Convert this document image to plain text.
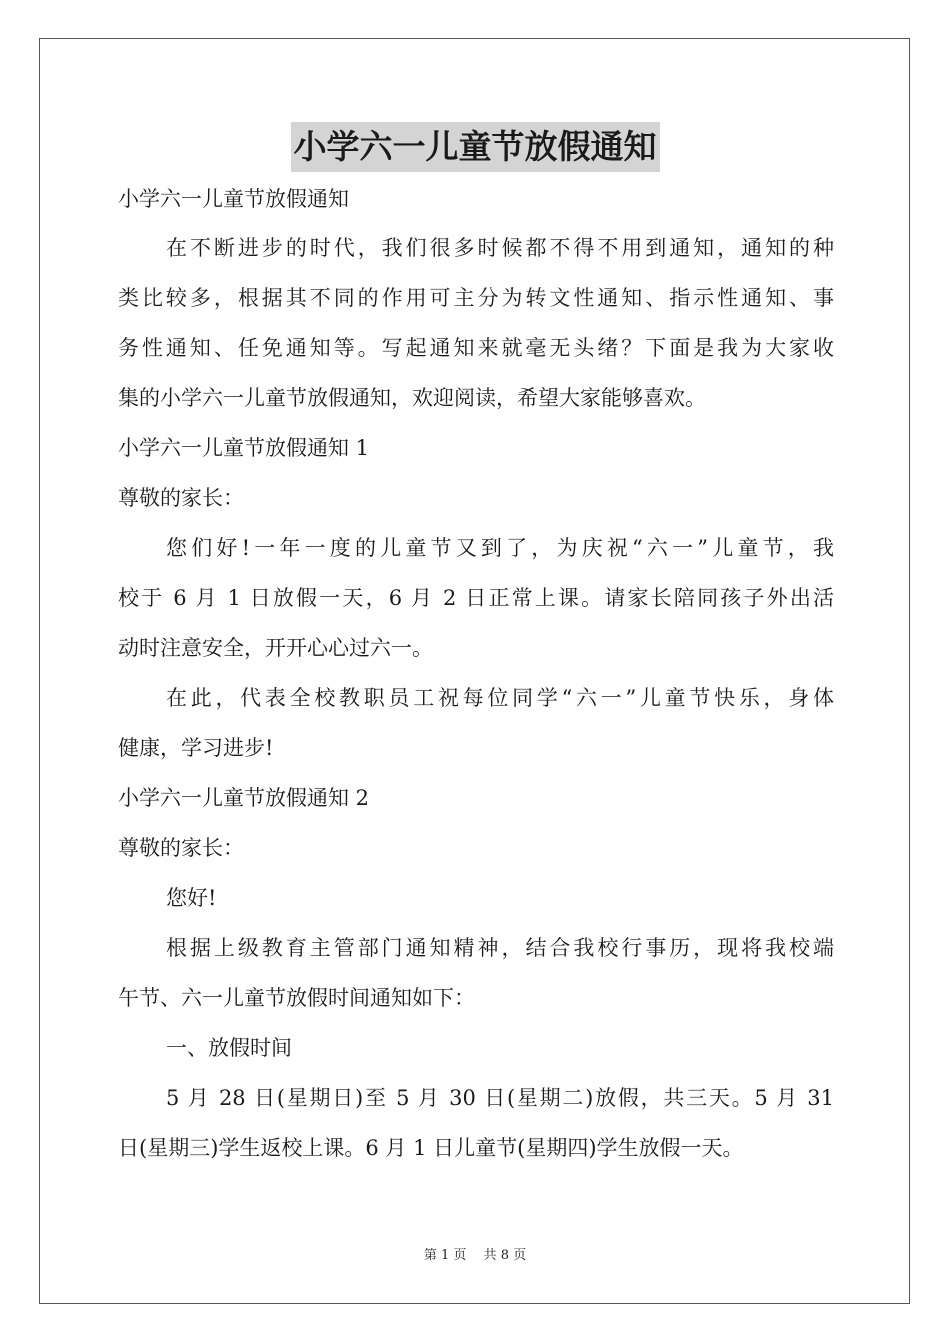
小学六一儿童节放假通知
小学六一儿童节放假通知
在不断进步的时代，我们很多时候都不得不用到通知，通知的种
类比较多，根据其不同的作用可主分为转文性通知、指示性通知、事
务性通知、任免通知等。写起通知来就毫无头绪？下面是我为大家收
集的小学六一儿童节放假通知，欢迎阅读，希望大家能够喜欢。
小学六一儿童节放假通知 1
尊敬的家长：
您们好!一年一度的儿童节又到了，为庆祝“六一”儿童节，我
校于 6 月 1 日放假一天，6 月 2 日正常上课。请家长陪同孩子外出活
动时注意安全，开开心心过六一。
在此，代表全校教职员工祝每位同学“六一”儿童节快乐，身体
健康，学习进步!
小学六一儿童节放假通知 2
尊敬的家长：
您好!
根据上级教育主管部门通知精神，结合我校行事历，现将我校端
午节、六一儿童节放假时间通知如下：
一、放假时间
5 月 28 日(星期日)至 5 月 30 日(星期二)放假，共三天。5 月 31
日(星期三)学生返校上课。6 月 1 日儿童节(星期四)学生放假一天。
第 1 页　 共 8 页
